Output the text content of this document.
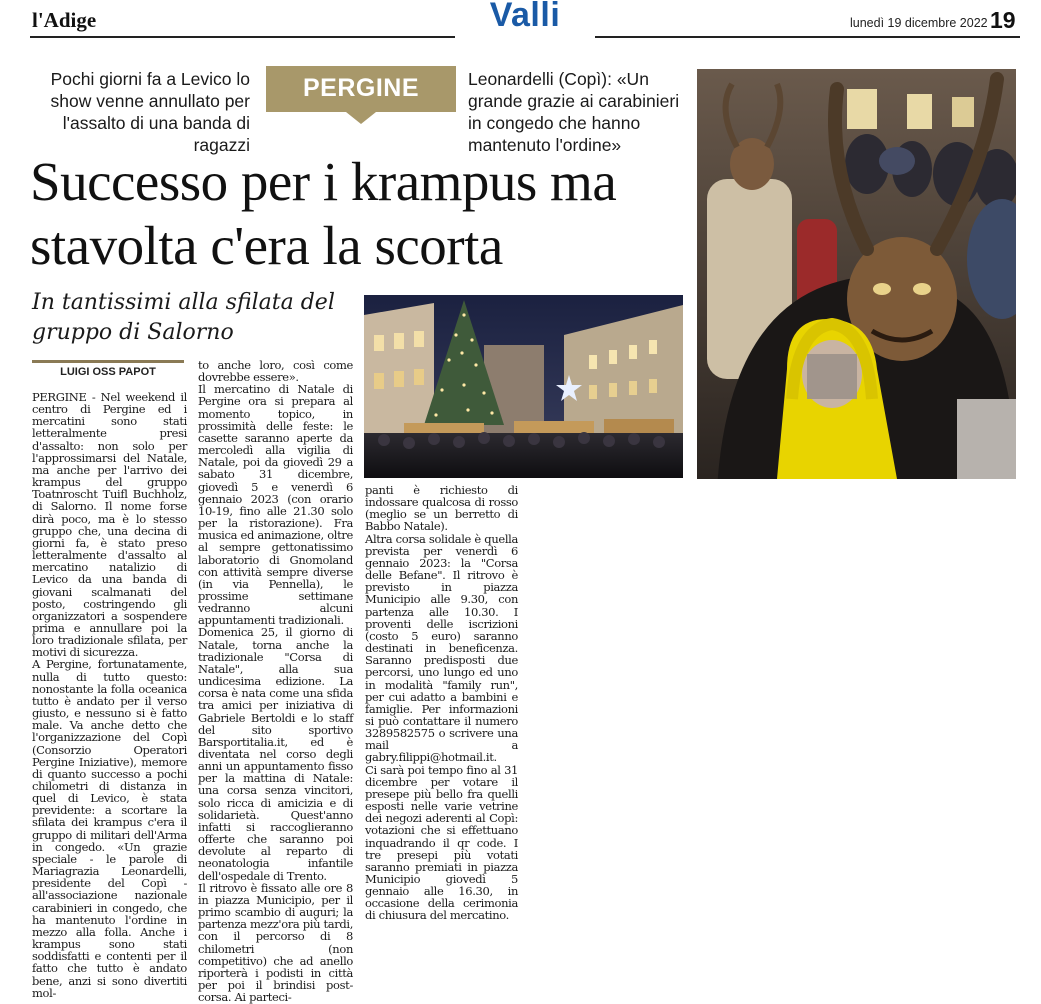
l'Adige	Valli	lunedì 19 dicembre 2022 19
Pochi giorni fa a Levico lo show venne annullato per l'assalto di una banda di ragazzi
PERGINE	Leonardelli (Copì): «Un grande grazie ai carabinieri in congedo che hanno mantenuto l'ordine»
Successo per i krampus ma stavolta c'era la scorta
In tantissimi alla sfilata del gruppo di Salorno
LUIGI OSS PAPOT

PERGINE - Nel weekend il centro di Pergine ed i mercatini sono stati letteralmente presi d'assalto: non solo per l'approssimarsi del Natale, ma anche per l'arrivo dei krampus del gruppo Toatnroscht Tuifl Buchholz, di Salorno. Il nome forse dirà poco, ma è lo stesso gruppo che, una decina di giorni fa, è stato preso letteralmente d'assalto al mercatino natalizio di Levico da una banda di giovani scalmanati del posto, costringendo gli organizzatori a sospendere prima e annullare poi la loro tradizionale sfilata, per motivi di sicurezza.

A Pergine, fortunatamente, nulla di tutto questo: nonostante la folla oceanica tutto è andato per il verso giusto, e nessuno si è fatto male. Va anche detto che l'organizzazione del Copì (Consorzio Operatori Pergine Iniziative), memore di quanto successo a pochi chilometri di distanza in quel di Levico, è stata previdente: a scortare la sfilata dei krampus c'era il gruppo di militari dell'Arma in congedo. «Un grazie speciale - le parole di Mariagrazia Leonardelli, presidente del Copì - all'associazione nazionale carabinieri in congedo, che ha mantenuto l'ordine in mezzo alla folla. Anche i krampus sono stati soddisfatti e contenti per il fatto che tutto è andato bene, anzi si sono divertiti mol-

to anche loro, così come dovrebbe essere».

Il mercatino di Natale di Pergine ora si prepara al momento topico, in prossimità delle feste: le casette saranno aperte da mercoledì alla vigilia di Natale, poi da giovedì 29 a sabato 31 dicembre, giovedì 5 e venerdì 6 gennaio 2023 (con orario 10-19, fino alle 21.30 solo per la ristorazione). Fra musica ed animazione, oltre al sempre gettonatissimo laboratorio di Gnomoland con attività sempre diverse (in via Pennella), le prossime settimane vedranno alcuni appuntamenti tradizionali.

Domenica 25, il giorno di Natale, torna anche la tradizionale "Corsa di Natale", alla sua undicesima edizione. La corsa è nata come una sfida tra amici per iniziativa di Gabriele Bertoldi e lo staff del sito sportivo Barsportitalia.it, ed è diventata nel corso degli anni un appuntamento fisso per la mattina di Natale: una corsa senza vincitori, solo ricca di amicizia e di solidarietà. Quest'anno infatti si raccoglieranno offerte che saranno poi devolute al reparto di neonatologia infantile dell'ospedale di Trento.

Il ritrovo è fissato alle ore 8 in piazza Municipio, per il primo scambio di auguri; la partenza mezz'ora più tardi, con il percorso di 8 chilometri (non competitivo) che ad anello riporterà i podisti in città per poi il brindisi post-corsa. Ai parteci-

panti è richiesto di indossare qualcosa di rosso (meglio se un berretto di Babbo Natale).

Altra corsa solidale è quella prevista per venerdì 6 gennaio 2023: la "Corsa delle Befane". Il ritrovo è previsto in piazza Municipio alle 9.30, con partenza alle 10.30. I proventi delle iscrizioni (costo 5 euro) saranno destinati in beneficenza. Saranno predisposti due percorsi, uno lungo ed uno in modalità "family run", per cui adatto a bambini e famiglie. Per informazioni si può contattare il numero 3289582575 o scrivere una mail a gabry.filippi@hotmail.it.

Ci sarà poi tempo fino al 31 dicembre per votare il presepe più bello fra quelli esposti nelle varie vetrine dei negozi aderenti al Copì: votazioni che si effettuano inquadrando il qr code. I tre presepi più votati saranno premiati in piazza Municipio giovedì 5 gennaio alle 16.30, in occasione della cerimonia di chiusura del mercatino.
